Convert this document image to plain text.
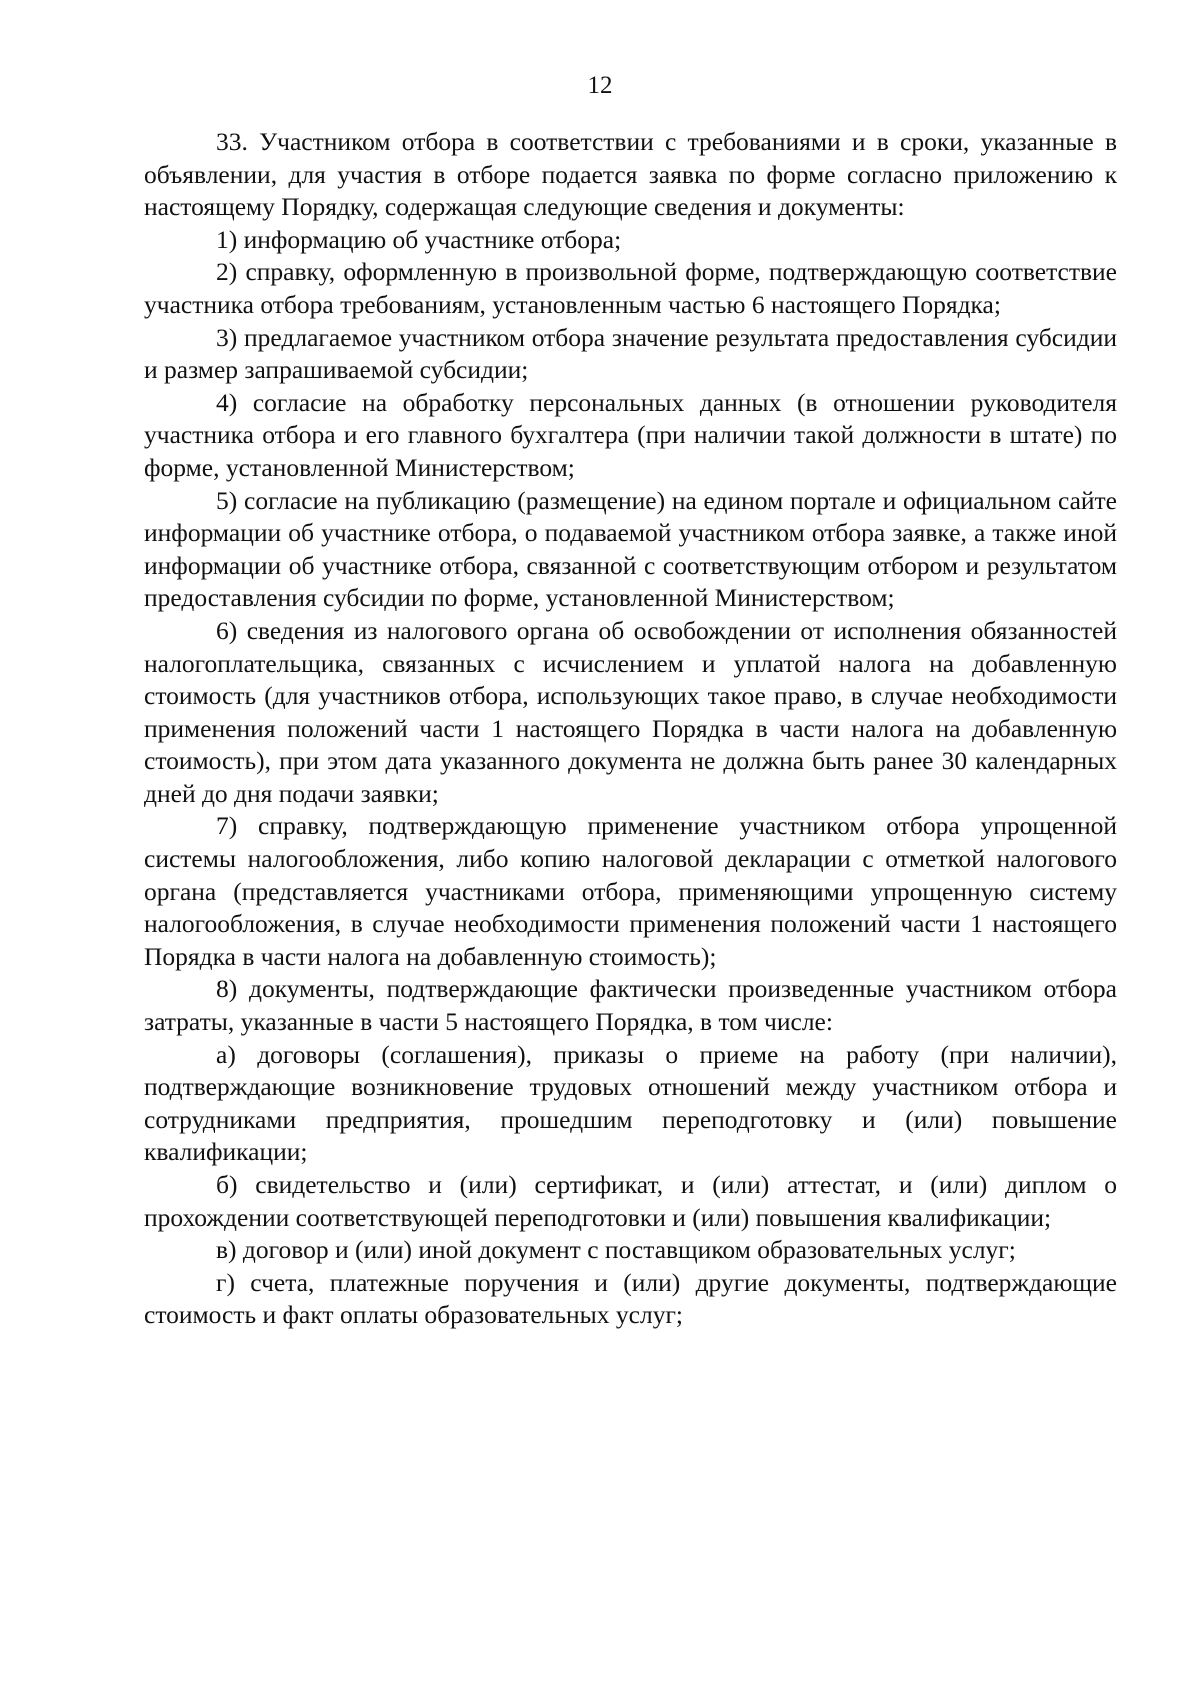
12

33. Участником отбора в соответствии с требованиями и в сроки, указанные в объявлении, для участия в отборе подается заявка по форме согласно приложению к настоящему Порядку, содержащая следующие сведения и документы:

1) информацию об участнике отбора;

2) справку, оформленную в произвольной форме, подтверждающую соответствие участника отбора требованиям, установленным частью 6 настоящего Порядка;

3) предлагаемое участником отбора значение результата предоставления субсидии и размер запрашиваемой субсидии;

4) согласие на обработку персональных данных (в отношении руководителя участника отбора и его главного бухгалтера (при наличии такой должности в штате) по форме, установленной Министерством;

5) согласие на публикацию (размещение) на едином портале и официальном сайте информации об участнике отбора, о подаваемой участником отбора заявке, а также иной информации об участнике отбора, связанной с соответствующим отбором и результатом предоставления субсидии по форме, установленной Министерством;

6) сведения из налогового органа об освобождении от исполнения обязанностей налогоплательщика, связанных с исчислением и уплатой налога на добавленную стоимость (для участников отбора, использующих такое право, в случае необходимости применения положений части 1 настоящего Порядка в части налога на добавленную стоимость), при этом дата указанного документа не должна быть ранее 30 календарных дней до дня подачи заявки;

7) справку, подтверждающую применение участником отбора упрощенной системы налогообложения, либо копию налоговой декларации с отметкой налогового органа (представляется участниками отбора, применяющими упрощенную систему налогообложения, в случае необходимости применения положений части 1 настоящего Порядка в части налога на добавленную стоимость);

8) документы, подтверждающие фактически произведенные участником отбора затраты, указанные в части 5 настоящего Порядка, в том числе:

а) договоры (соглашения), приказы о приеме на работу (при наличии), подтверждающие возникновение трудовых отношений между участником отбора и сотрудниками предприятия, прошедшим переподготовку и (или) повышение квалификации;

б) свидетельство и (или) сертификат, и (или) аттестат, и (или) диплом о прохождении соответствующей переподготовки и (или) повышения квалификации;

в) договор и (или) иной документ с поставщиком образовательных услуг;

г) счета, платежные поручения и (или) другие документы, подтверждающие стоимость и факт оплаты образовательных услуг;
